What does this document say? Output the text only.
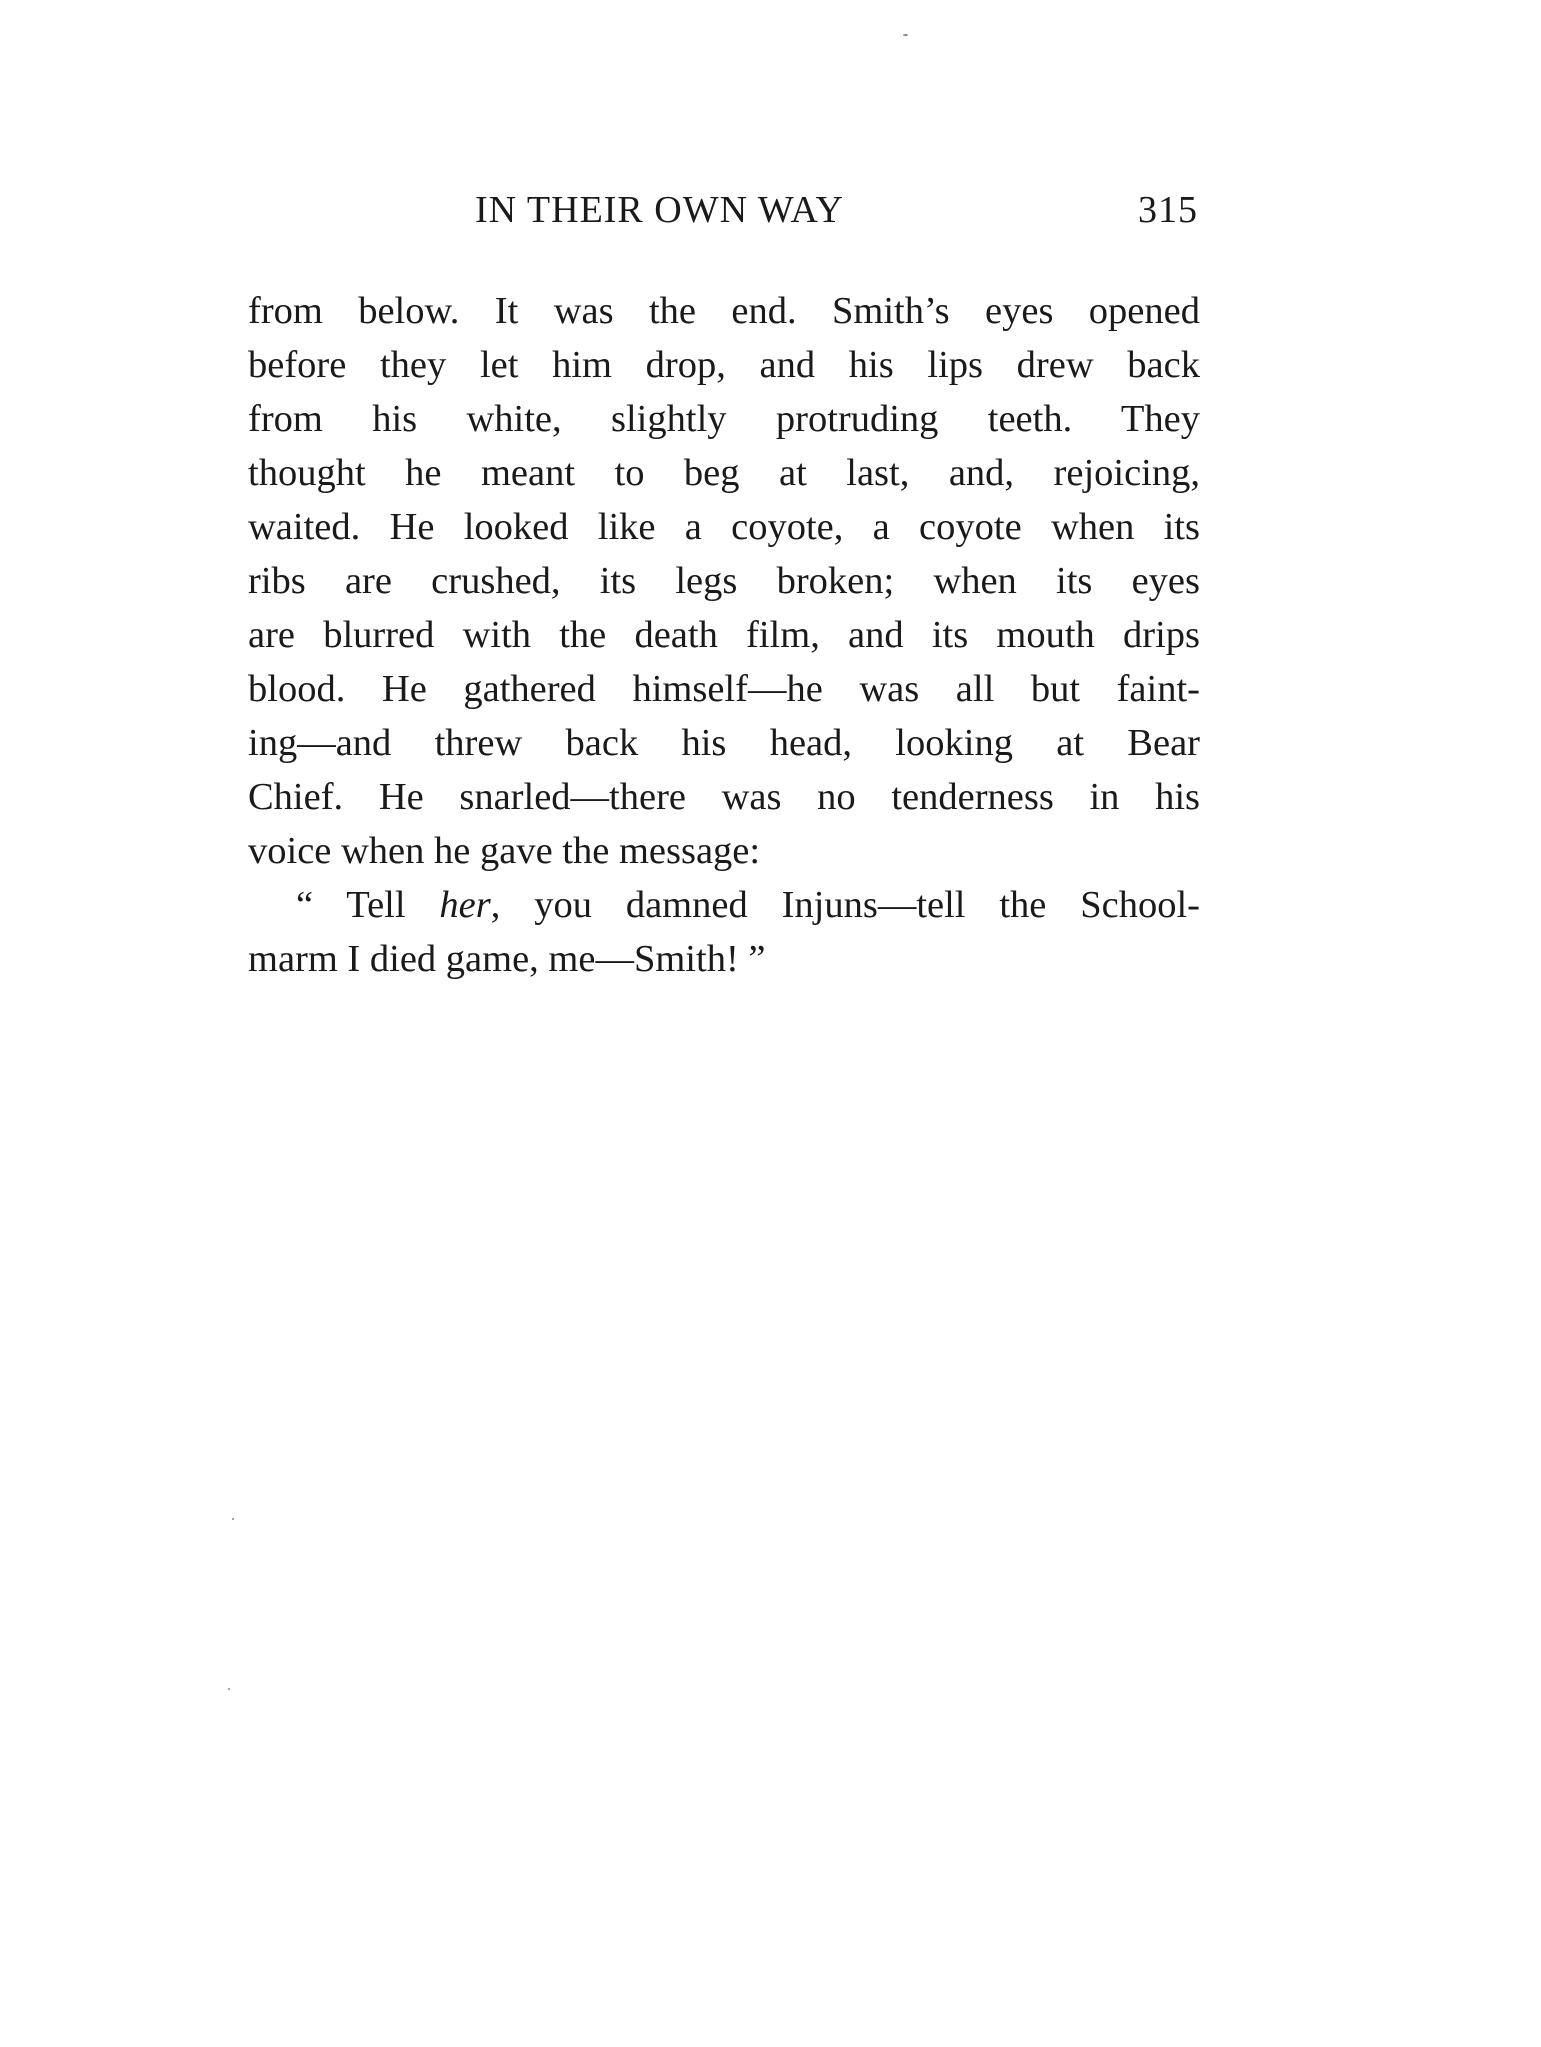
IN THEIR OWN WAY	315
from below. It was the end. Smith’s eyes opened
before they let him drop, and his lips drew back
from his white, slightly protruding teeth. They
thought he meant to beg at last, and, rejoicing,
waited. He looked like a coyote, a coyote when its
ribs are crushed, its legs broken; when its eyes
are blurred with the death film, and its mouth drips
blood. He gathered himself—he was all but faint-
ing—and threw back his head, looking at Bear
Chief. He snarled—there was no tenderness in his
voice when he gave the message:
“ Tell her, you damned Injuns—tell the School-
marm I died game, me—Smith! ”
